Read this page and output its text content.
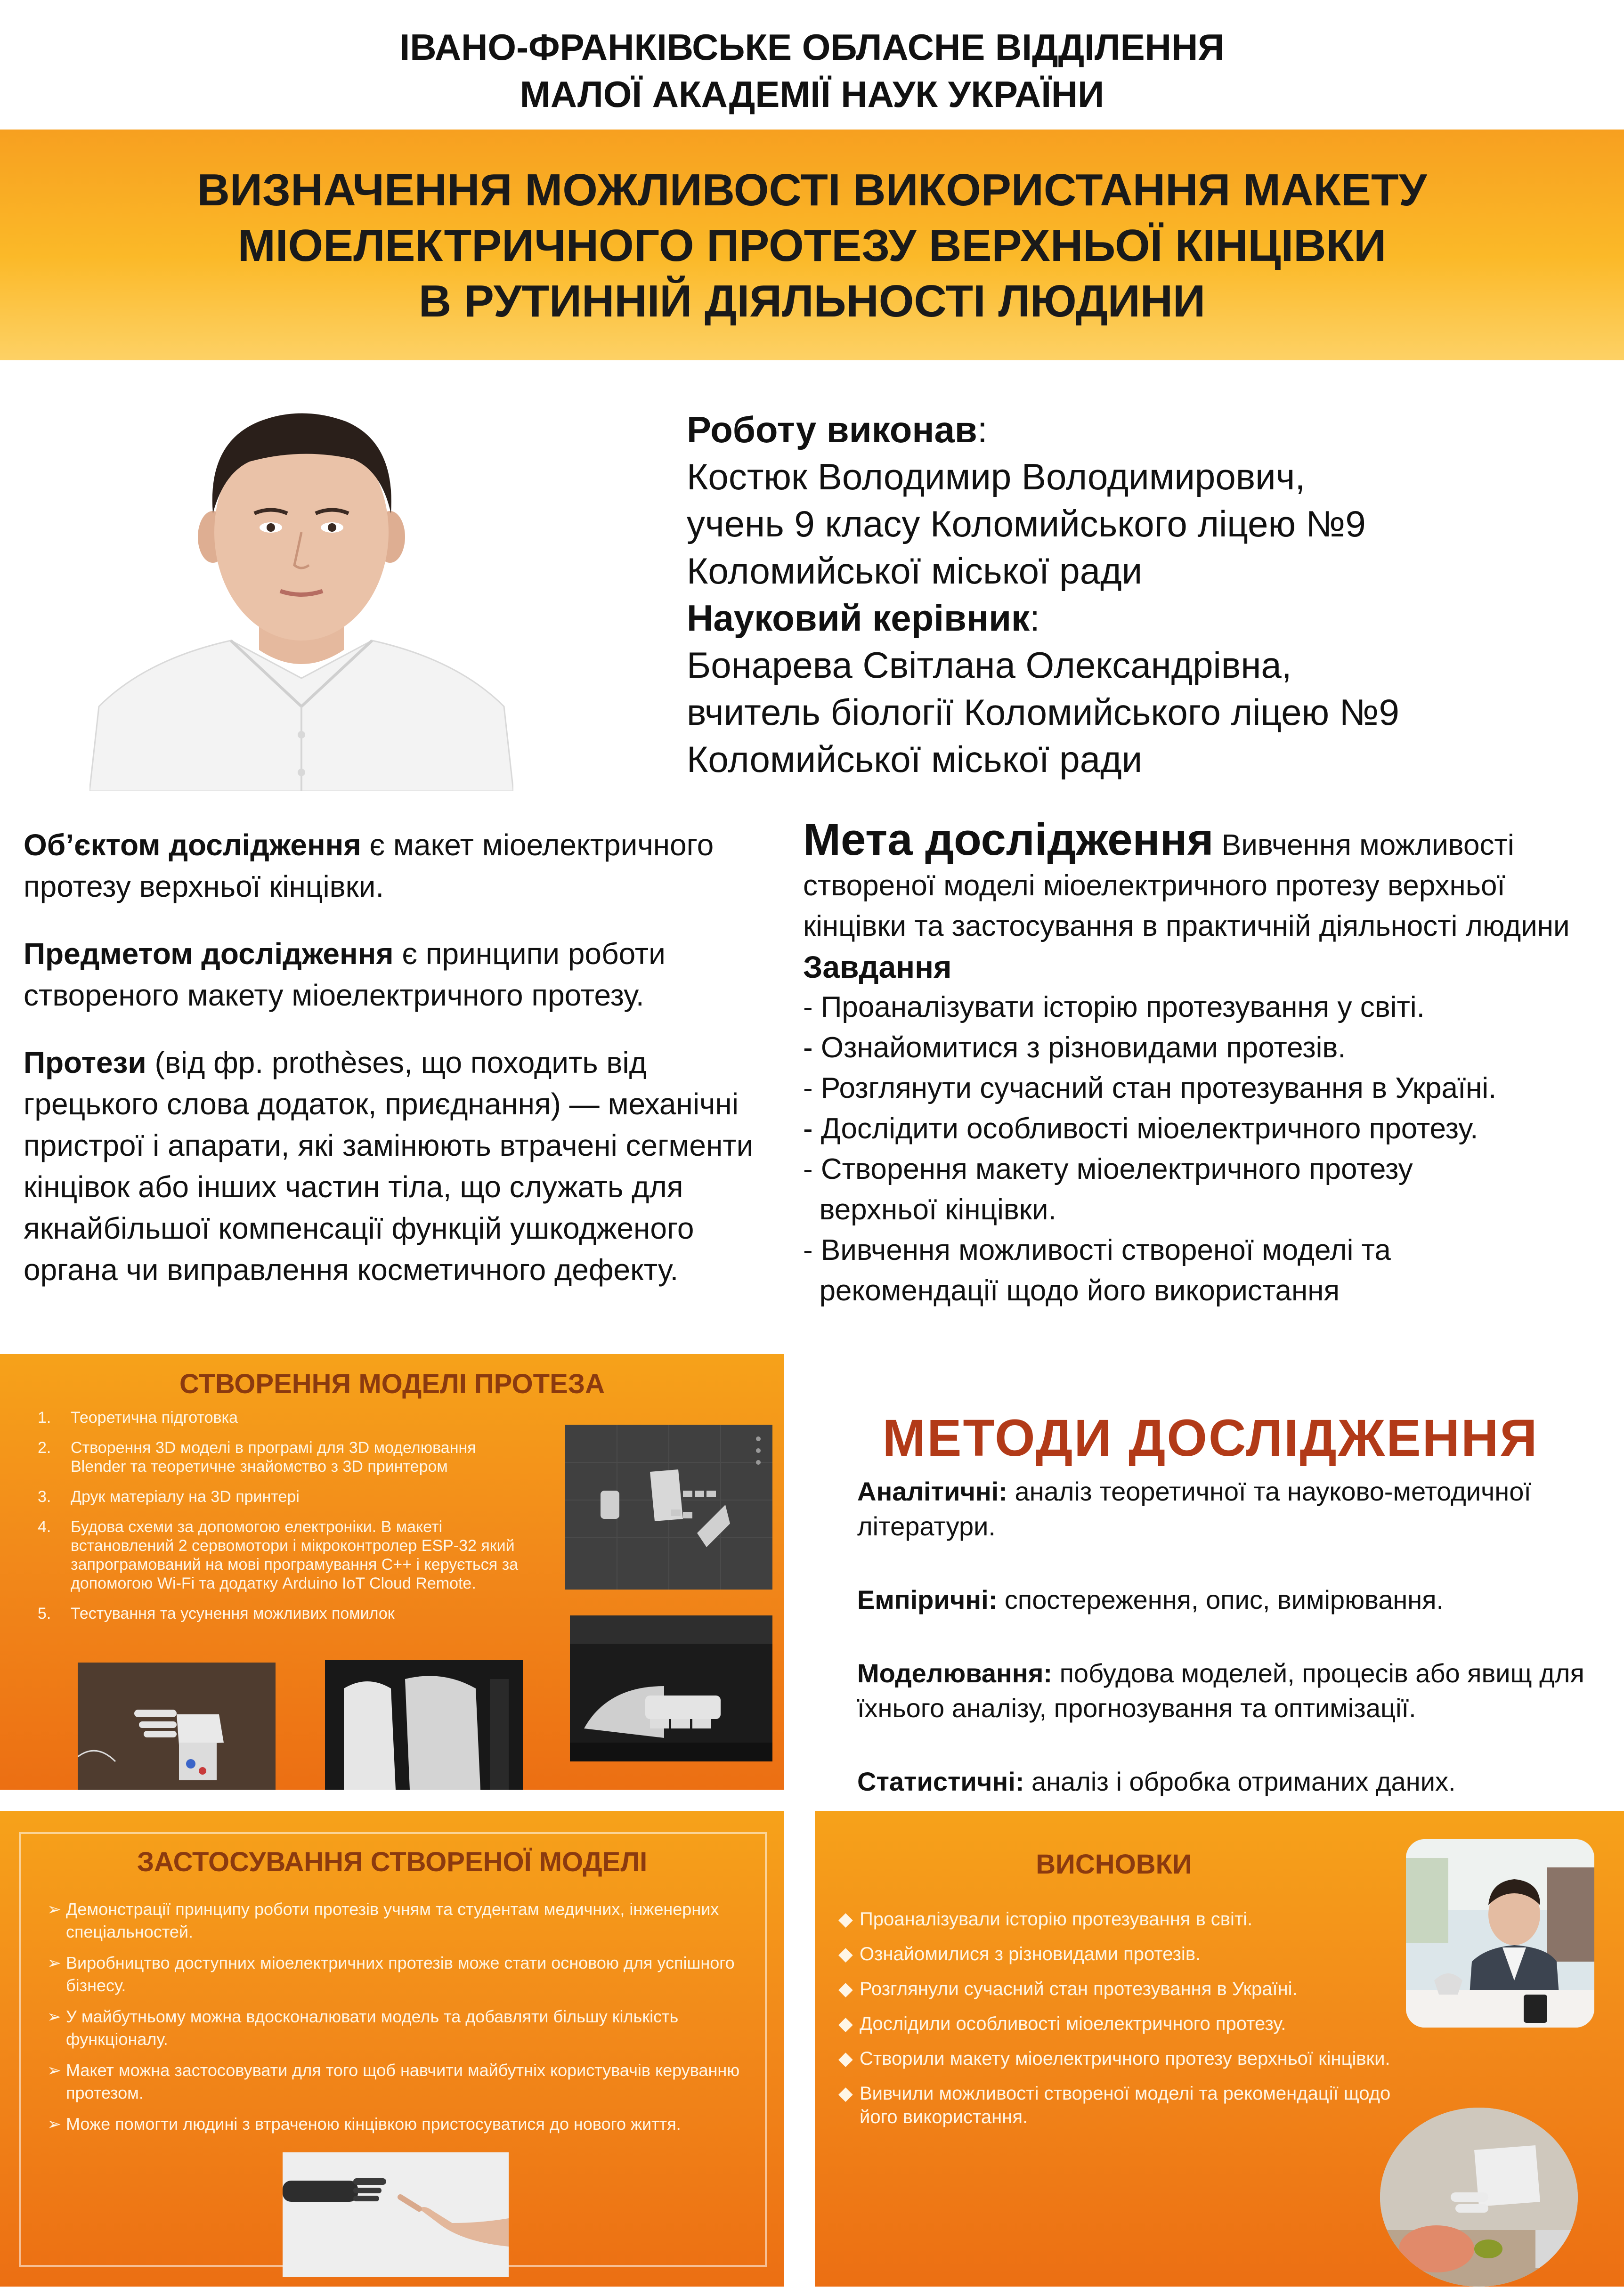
ІВАНО-ФРАНКІВСЬКЕ ОБЛАСНЕ ВІДДІЛЕННЯ
МАЛОЇ АКАДЕМІЇ НАУК УКРАЇНИ
ВИЗНАЧЕННЯ МОЖЛИВОСТІ ВИКОРИСТАННЯ МАКЕТУ
МІОЕЛЕКТРИЧНОГО ПРОТЕЗУ ВЕРХНЬОЇ КІНЦІВКИ
В РУТИННІЙ ДІЯЛЬНОСТІ ЛЮДИНИ
Роботу виконав:
Костюк Володимир Володимирович,
учень 9 класу Коломийського ліцею №9
Коломийської міської ради
Науковий керівник:
Бонарева Світлана Олександрівна,
вчитель біології Коломийського ліцею №9
Коломийської міської ради

Об’єктом дослідження є макет міоелектричного протезу верхньої кінцівки.

Предметом дослідження є принципи роботи створеного макету міоелектричного протезу.

Протези (від фр. prothèses, що походить від грецького слова додаток, приєднання) — механічні пристрої і апарати, які замінюють втрачені сегменти кінцівок або інших частин тіла, що служать для якнайбільшої компенсації функцій ушкодженого органа чи виправлення косметичного дефекту.

Мета дослідження Вивчення можливості створеної моделі міоелектричного протезу верхньої кінцівки та застосування в практичній діяльності людини
Завдання
- Проаналізувати історію протезування у світі.
- Ознайомитися з різновидами протезів.
- Розглянути сучасний стан протезування в Україні.
- Дослідити особливості міоелектричного протезу.
- Створення макету міоелектричного протезу
верхньої кінцівки.
- Вивчення можливості створеної моделі та
рекомендації щодо його використання
СТВОРЕННЯ МОДЕЛІ ПРОТЕЗА
1.	Теоретична підготовка
2.	Створення 3D моделі в програмі для 3D моделювання Blender та теоретичне знайомство з 3D принтером
3.	Друк матеріалу на 3D принтері
4.	Будова схеми за допомогою електроніки. В макеті встановлений 2 сервомотори і мікроконтролер ESP-32 який запрограмований на мові програмування C++ і керується за допомогою Wi-Fi та додатку Arduino IoT Cloud Remote.
5.	Тестування та усунення можливих помилок
МЕТОДИ ДОСЛІДЖЕННЯ

Аналітичні: аналіз теоретичної та науково-методичної літератури.

Емпіричні: спостереження, опис, вимірювання.

Моделювання: побудова моделей, процесів або явищ для їхнього аналізу, прогнозування та оптимізації.

Статистичні: аналіз і обробка отриманих даних.

ЗАСТОСУВАННЯ СТВОРЕНОЇ МОДЕЛІ
➢ Демонстрації принципу роботи протезів учням та студентам медичних, інженерних спеціальностей.
➢ Виробництво доступних міоелектричних протезів може стати основою для успішного бізнесу.
➢ У майбутньому можна вдосконалювати модель та добавляти більшу кількість функціоналу.
➢ Макет можна застосовувати для того щоб навчити майбутніх користувачів керуванню протезом.
➢ Може помогти людині з втраченою кінцівкою пристосуватися до нового життя.
ВИСНОВКИ
◆ Проаналізували історію протезування в світі.
◆ Ознайомилися з різновидами протезів.
◆ Розглянули сучасний стан протезування в Україні.
◆ Дослідили особливості міоелектричного протезу.
◆ Створили макету міоелектричного протезу верхньої кінцівки.
◆ Вивчили можливості створеної моделі та рекомендації щодо його використання.
